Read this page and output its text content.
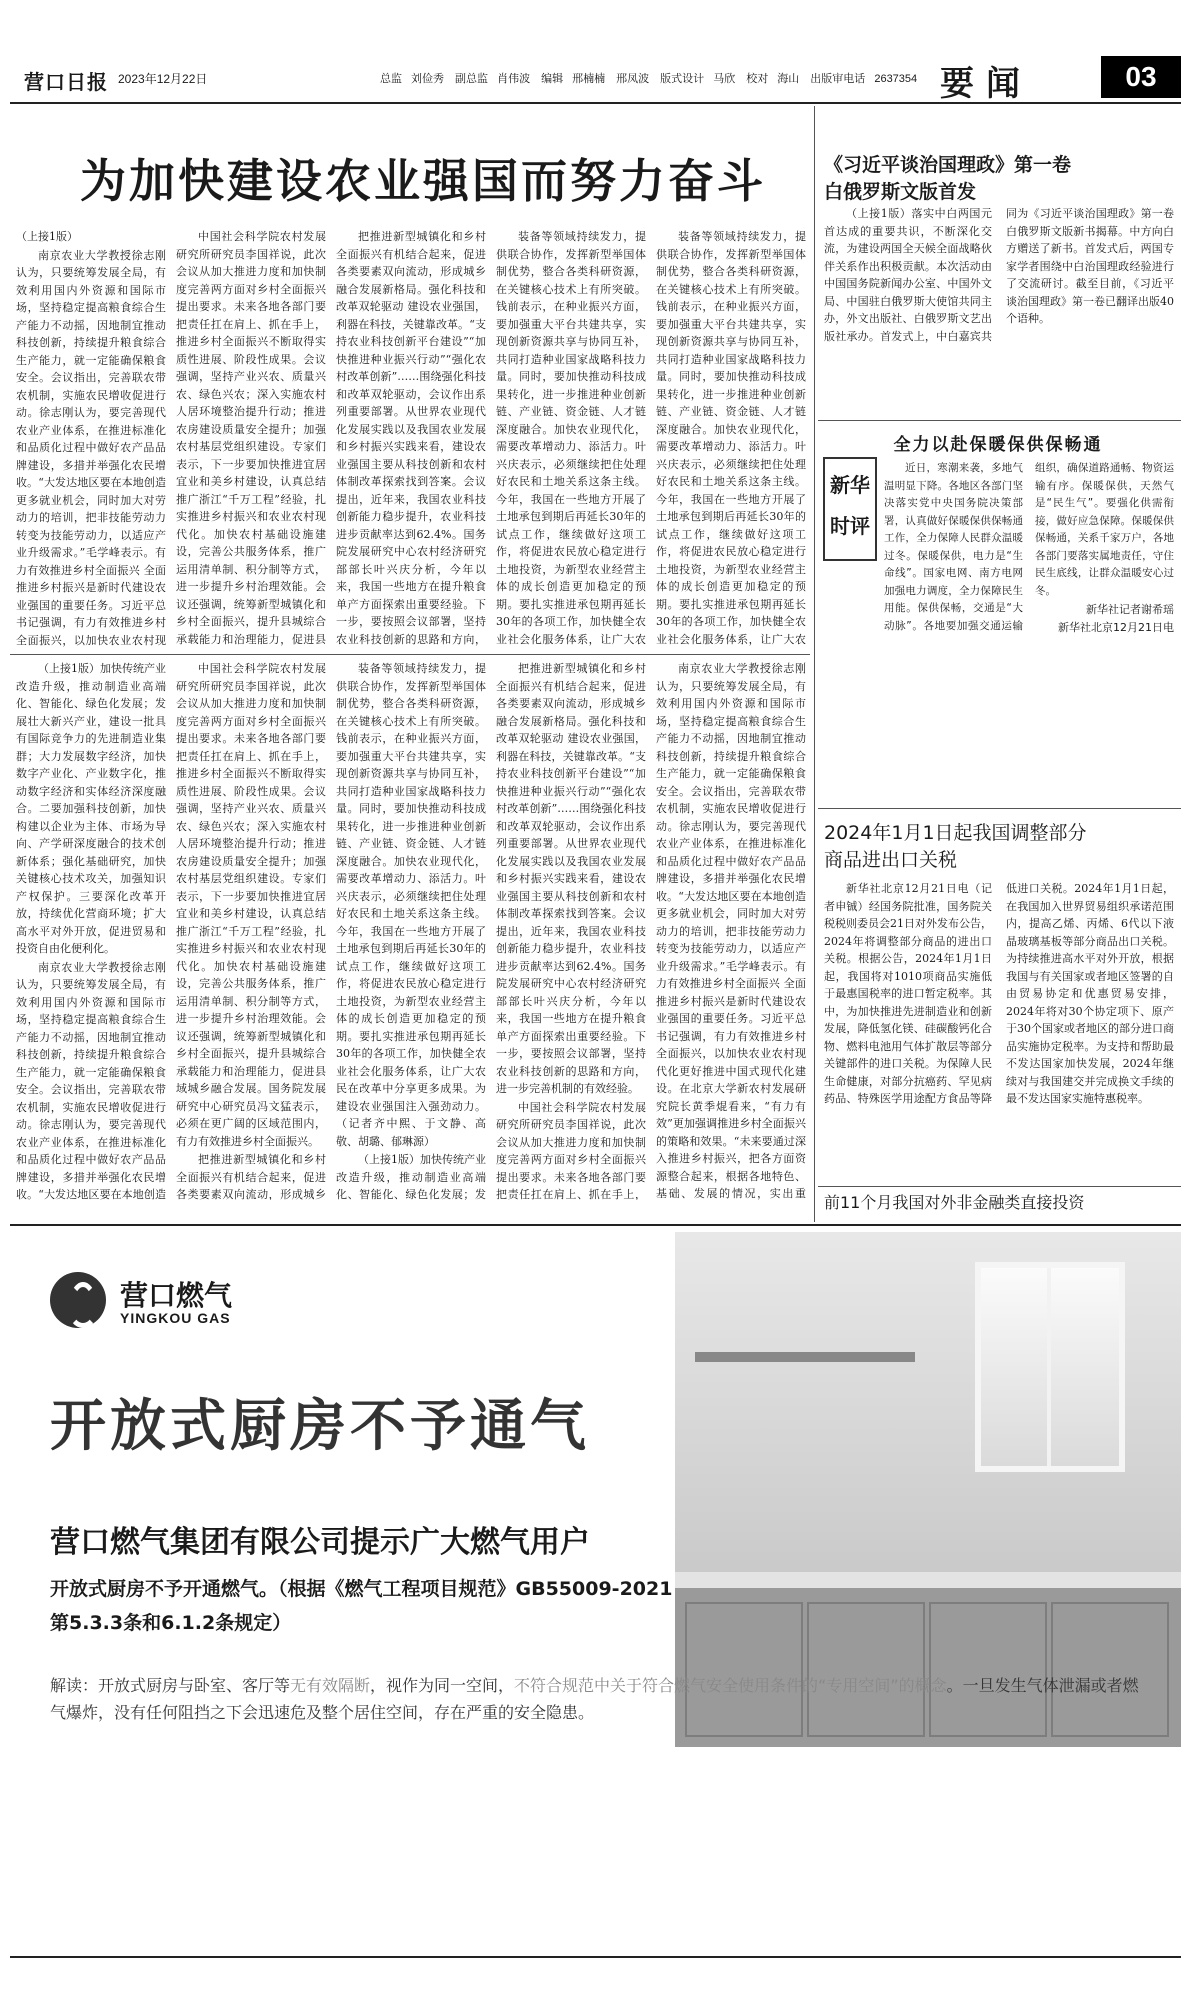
营口日报 2023年12月22日	总监 刘俭秀　副总监 肖伟波　编辑 邢楠楠　邢凤波　版式设计 马欣　校对 海山　出版审电话 2637354 要闻	03
为加快建设农业强国而努力奋斗

（上接1版）

南京农业大学教授徐志刚认为，只要统筹发展全局，有效利用国内外资源和国际市场，坚持稳定提高粮食综合生产能力不动摇，因地制宜推动科技创新，持续提升粮食综合生产能力，就一定能确保粮食安全。会议指出，完善联农带农机制，实施农民增收促进行动。徐志刚认为，要完善现代农业产业体系，在推进标准化和品质化过程中做好农产品品牌建设，多措并举强化农民增收。“大发达地区要在本地创造更多就业机会，同时加大对劳动力的培训，把非技能劳动力转变为技能劳动力，以适应产业升级需求。”毛学峰表示。有力有效推进乡村全面振兴 全面推进乡村振兴是新时代建设农业强国的重要任务。习近平总书记强调，有力有效推进乡村全面振兴，以加快农业农村现

中国社会科学院农村发展研究所研究员李国祥说，此次会议从加大推进力度和加快制度完善两方面对乡村全面振兴提出要求。未来各地各部门要把责任扛在肩上、抓在手上，推进乡村全面振兴不断取得实质性进展、阶段性成果。会议强调，坚持产业兴农、质量兴农、绿色兴农；深入实施农村人居环境整治提升行动；推进农房建设质量安全提升；加强农村基层党组织建设。专家们表示，下一步要加快推进宜居宜业和美乡村建设，认真总结推广浙江“千万工程”经验，扎实推进乡村振兴和农业农村现代化。加快农村基础设施建设，完善公共服务体系，推广运用清单制、积分制等方式，进一步提升乡村治理效能。会议还强调，统筹新型城镇化和乡村全面振兴，提升县城综合承载能力和治理能力，促进县

把推进新型城镇化和乡村全面振兴有机结合起来，促进各类要素双向流动，形成城乡融合发展新格局。强化科技和改革双轮驱动 建设农业强国，利器在科技，关键靠改革。“支持农业科技创新平台建设”“加快推进种业振兴行动”“强化农村改革创新”……围绕强化科技和改革双轮驱动，会议作出系列重要部署。从世界农业现代化发展实践以及我国农业发展和乡村振兴实践来看，建设农业强国主要从科技创新和农村体制改革探索找到答案。会议提出，近年来，我国农业科技创新能力稳步提升，农业科技进步贡献率达到62.4%。国务院发展研究中心农村经济研究部部长叶兴庆分析，今年以来，我国一些地方在提升粮食单产方面探索出重要经验。下一步，要按照会议部署，坚持农业科技创新的思路和方向，

装备等领域持续发力，提供联合协作，发挥新型举国体制优势，整合各类科研资源，在关键核心技术上有所突破。钱前表示，在种业振兴方面，要加强重大平台共建共享，实现创新资源共享与协同互补，共同打造种业国家战略科技力量。同时，要加快推动科技成果转化，进一步推进种业创新链、产业链、资金链、人才链深度融合。加快农业现代化，需要改革增动力、添活力。叶兴庆表示，必须继续把住处理好农民和土地关系这条主线。今年，我国在一些地方开展了土地承包到期后再延长30年的试点工作，继续做好这项工作，将促进农民放心稳定进行土地投资，为新型农业经营主体的成长创造更加稳定的预期。要扎实推进承包期再延长30年的各项工作，加快健全农业社会化服务体系，让广大农

装备等领域持续发力，提供联合协作，发挥新型举国体制优势，整合各类科研资源，在关键核心技术上有所突破。钱前表示，在种业振兴方面，要加强重大平台共建共享，实现创新资源共享与协同互补，共同打造种业国家战略科技力量。同时，要加快推动科技成果转化，进一步推进种业创新链、产业链、资金链、人才链深度融合。加快农业现代化，需要改革增动力、添活力。叶兴庆表示，必须继续把住处理好农民和土地关系这条主线。今年，我国在一些地方开展了土地承包到期后再延长30年的试点工作，继续做好这项工作，将促进农民放心稳定进行土地投资，为新型农业经营主体的成长创造更加稳定的预期。要扎实推进承包期再延长30年的各项工作，加快健全农业社会化服务体系，让广大农

（上接1版）加快传统产业改造升级，推动制造业高端化、智能化、绿色化发展；发展壮大新兴产业，建设一批具有国际竞争力的先进制造业集群；大力发展数字经济，加快数字产业化、产业数字化，推动数字经济和实体经济深度融合。二要加强科技创新，加快构建以企业为主体、市场为导向、产学研深度融合的技术创新体系；强化基础研究，加快关键核心技术攻关，加强知识产权保护。三要深化改革开放，持续优化营商环境；扩大高水平对外开放，促进贸易和投资自由化便利化。

南京农业大学教授徐志刚认为，只要统筹发展全局，有效利用国内外资源和国际市场，坚持稳定提高粮食综合生产能力不动摇，因地制宜推动科技创新，持续提升粮食综合生产能力，就一定能确保粮食安全。会议指出，完善联农带农机制，实施农民增收促进行动。徐志刚认为，要完善现代农业产业体系，在推进标准化和品质化过程中做好农产品品牌建设，多措并举强化农民增收。“大发达地区要在本地创造

中国社会科学院农村发展研究所研究员李国祥说，此次会议从加大推进力度和加快制度完善两方面对乡村全面振兴提出要求。未来各地各部门要把责任扛在肩上、抓在手上，推进乡村全面振兴不断取得实质性进展、阶段性成果。会议强调，坚持产业兴农、质量兴农、绿色兴农；深入实施农村人居环境整治提升行动；推进农房建设质量安全提升；加强农村基层党组织建设。专家们表示，下一步要加快推进宜居宜业和美乡村建设，认真总结推广浙江“千万工程”经验，扎实推进乡村振兴和农业农村现代化。加快农村基础设施建设，完善公共服务体系，推广运用清单制、积分制等方式，进一步提升乡村治理效能。会议还强调，统筹新型城镇化和乡村全面振兴，提升县城综合承载能力和治理能力，促进县域城乡融合发展。国务院发展研究中心研究员冯文猛表示，必须在更广阔的区域范围内，有力有效推进乡村全面振兴。

把推进新型城镇化和乡村全面振兴有机结合起来，促进各类要素双向流动，形成城乡

装备等领域持续发力，提供联合协作，发挥新型举国体制优势，整合各类科研资源，在关键核心技术上有所突破。钱前表示，在种业振兴方面，要加强重大平台共建共享，实现创新资源共享与协同互补，共同打造种业国家战略科技力量。同时，要加快推动科技成果转化，进一步推进种业创新链、产业链、资金链、人才链深度融合。加快农业现代化，需要改革增动力、添活力。叶兴庆表示，必须继续把住处理好农民和土地关系这条主线。今年，我国在一些地方开展了土地承包到期后再延长30年的试点工作，继续做好这项工作，将促进农民放心稳定进行土地投资，为新型农业经营主体的成长创造更加稳定的预期。要扎实推进承包期再延长30年的各项工作，加快健全农业社会化服务体系，让广大农民在改革中分享更多成果。为建设农业强国注入强劲动力。（记者齐中熙、于文静、高敬、胡璐、郁琳源）

（上接1版）加快传统产业改造升级，推动制造业高端化、智能化、绿色化发展；发

把推进新型城镇化和乡村全面振兴有机结合起来，促进各类要素双向流动，形成城乡融合发展新格局。强化科技和改革双轮驱动 建设农业强国，利器在科技，关键靠改革。“支持农业科技创新平台建设”“加快推进种业振兴行动”“强化农村改革创新”……围绕强化科技和改革双轮驱动，会议作出系列重要部署。从世界农业现代化发展实践以及我国农业发展和乡村振兴实践来看，建设农业强国主要从科技创新和农村体制改革探索找到答案。会议提出，近年来，我国农业科技创新能力稳步提升，农业科技进步贡献率达到62.4%。国务院发展研究中心农村经济研究部部长叶兴庆分析，今年以来，我国一些地方在提升粮食单产方面探索出重要经验。下一步，要按照会议部署，坚持农业科技创新的思路和方向，进一步完善机制的有效经验。

中国社会科学院农村发展研究所研究员李国祥说，此次会议从加大推进力度和加快制度完善两方面对乡村全面振兴提出要求。未来各地各部门要把责任扛在肩上、抓在手上，

南京农业大学教授徐志刚认为，只要统筹发展全局，有效利用国内外资源和国际市场，坚持稳定提高粮食综合生产能力不动摇，因地制宜推动科技创新，持续提升粮食综合生产能力，就一定能确保粮食安全。会议指出，完善联农带农机制，实施农民增收促进行动。徐志刚认为，要完善现代农业产业体系，在推进标准化和品质化过程中做好农产品品牌建设，多措并举强化农民增收。“大发达地区要在本地创造更多就业机会，同时加大对劳动力的培训，把非技能劳动力转变为技能劳动力，以适应产业升级需求。”毛学峰表示。有力有效推进乡村全面振兴 全面推进乡村振兴是新时代建设农业强国的重要任务。习近平总书记强调，有力有效推进乡村全面振兴，以加快农业农村现代化更好推进中国式现代化建设。在北京大学新农村发展研究院长黄季焜看来，“有力有效”更加强调推进乡村全面振兴的策略和效果。“未来要通过深入推进乡村振兴，把各方面资源整合起来，根据各地特色、基础、发展的情况，实出重

《习近平谈治国理政》第一卷
白俄罗斯文版首发

（上接1版）落实中白两国元首达成的重要共识，不断深化交流，为建设两国全天候全面战略伙伴关系作出积极贡献。本次活动由中国国务院新闻办公室、中国外文局、中国驻白俄罗斯大使馆共同主办，外文出版社、白俄罗斯文艺出版社承办。首发式上，中白嘉宾共同为《习近平谈治国理政》第一卷白俄罗斯文版新书揭幕。中方向白方赠送了新书。首发式后，两国专家学者围绕中白治国理政经验进行了交流研讨。截至目前，《习近平谈治国理政》第一卷已翻译出版40个语种。

全力以赴保暖保供保畅通
新华
时评

近日，寒潮来袭，多地气温明显下降。各地区各部门坚决落实党中央国务院决策部署，认真做好保暖保供保畅通工作，全力保障人民群众温暖过冬。保暖保供，电力是“生命线”。国家电网、南方电网加强电力调度，全力保障民生用能。保供保畅，交通是“大动脉”。各地要加强交通运输组织，确保道路通畅、物资运输有序。保暖保供，天然气是“民生气”。要强化供需衔接，做好应急保障。保暖保供保畅通，关系千家万户，各地各部门要落实属地责任，守住民生底线，让群众温暖安心过冬。

新华社记者谢希瑶
新华社北京12月21日电
2024年1月1日起我国调整部分
商品进出口关税

新华社北京12月21日电（记者申铖）经国务院批准，国务院关税税则委员会21日对外发布公告，2024年将调整部分商品的进出口关税。根据公告，2024年1月1日起，我国将对1010项商品实施低于最惠国税率的进口暂定税率。其中，为加快推进先进制造业和创新发展，降低氢化镁、硅碳酸钙化合物、燃料电池用气体扩散层等部分关键部件的进口关税。为保障人民生命健康，对部分抗癌药、罕见病药品、特殊医学用途配方食品等降低进口关税。2024年1月1日起，在我国加入世界贸易组织承诺范围内，提高乙烯、丙烯、6代以下液晶玻璃基板等部分商品出口关税。为持续推进高水平对外开放，根据我国与有关国家或者地区签署的自由贸易协定和优惠贸易安排，2024年将对30个协定项下、原产于30个国家或者地区的部分进口商品实施协定税率。为支持和帮助最不发达国家加快发展，2024年继续对与我国建交并完成换文手续的最不发达国家实施特惠税率。

前11个月我国对外非金融类直接投资
营口燃气
YINGKOU GAS
开放式厨房不予通气
营口燃气集团有限公司提示广大燃气用户
开放式厨房不予开通燃气。（根据《燃气工程项目规范》GB55009-2021第5.3.3条和6.1.2条规定）
解读：开放式厨房与卧室、客厅等无有效隔断，视作为同一空间，不符合规范中关于符合燃气安全使用条件的“专用空间”的概念。一旦发生气体泄漏或者燃气爆炸，没有任何阻挡之下会迅速危及整个居住空间，存在严重的安全隐患。
